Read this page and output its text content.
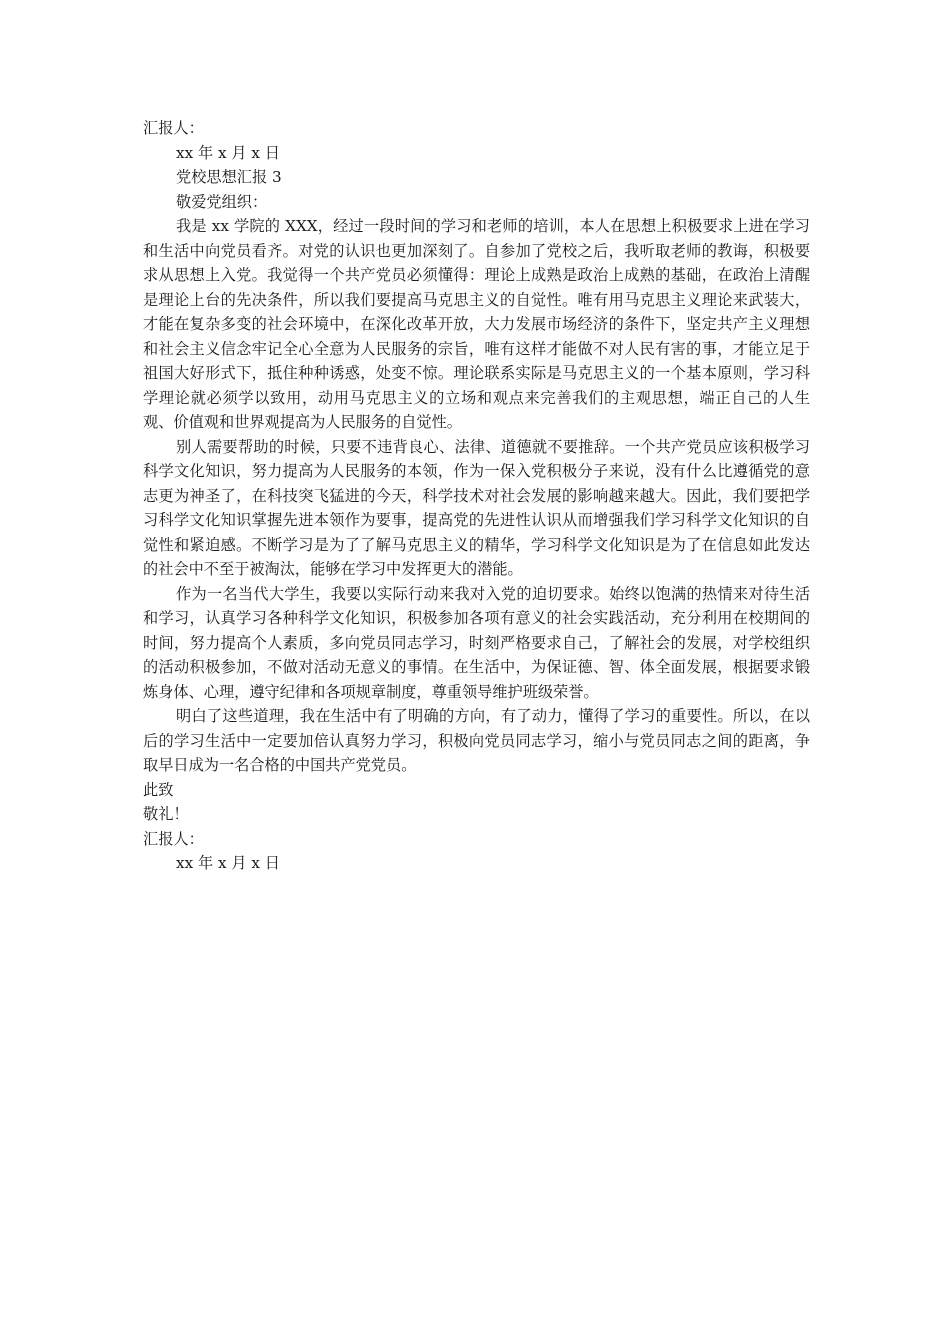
汇报人：

xx 年 x 月 x 日

党校思想汇报 3

敬爱党组织：

我是 xx 学院的 XXX，经过一段时间的学习和老师的培训，本人在思想上积极要求上进在学习和生活中向党员看齐。对党的认识也更加深刻了。自参加了党校之后，我听取老师的教诲，积极要求从思想上入党。我觉得一个共产党员必须懂得：理论上成熟是政治上成熟的基础，在政治上清醒是理论上台的先决条件，所以我们要提高马克思主义的自觉性。唯有用马克思主义理论来武装大，才能在复杂多变的社会环境中，在深化改革开放，大力发展市场经济的条件下，坚定共产主义理想和社会主义信念牢记全心全意为人民服务的宗旨，唯有这样才能做不对人民有害的事，才能立足于祖国大好形式下，抵住种种诱惑，处变不惊。理论联系实际是马克思主义的一个基本原则，学习科学理论就必须学以致用，动用马克思主义的立场和观点来完善我们的主观思想，端正自己的人生观、价值观和世界观提高为人民服务的自觉性。

别人需要帮助的时候，只要不违背良心、法律、道德就不要推辞。一个共产党员应该积极学习科学文化知识，努力提高为人民服务的本领，作为一保入党积极分子来说，没有什么比遵循党的意志更为神圣了，在科技突飞猛进的今天，科学技术对社会发展的影响越来越大。因此，我们要把学习科学文化知识掌握先进本领作为要事，提高党的先进性认识从而增强我们学习科学文化知识的自觉性和紧迫感。不断学习是为了了解马克思主义的精华，学习科学文化知识是为了在信息如此发达的社会中不至于被淘汰，能够在学习中发挥更大的潜能。

作为一名当代大学生，我要以实际行动来我对入党的迫切要求。始终以饱满的热情来对待生活和学习，认真学习各种科学文化知识，积极参加各项有意义的社会实践活动，充分利用在校期间的时间，努力提高个人素质，多向党员同志学习，时刻严格要求自己，了解社会的发展，对学校组织的活动积极参加，不做对活动无意义的事情。在生活中，为保证德、智、体全面发展，根据要求锻炼身体、心理，遵守纪律和各项规章制度，尊重领导维护班级荣誉。

明白了这些道理，我在生活中有了明确的方向，有了动力，懂得了学习的重要性。所以，在以后的学习生活中一定要加倍认真努力学习，积极向党员同志学习，缩小与党员同志之间的距离，争取早日成为一名合格的中国共产党党员。

此致

敬礼！

汇报人：

xx 年 x 月 x 日
